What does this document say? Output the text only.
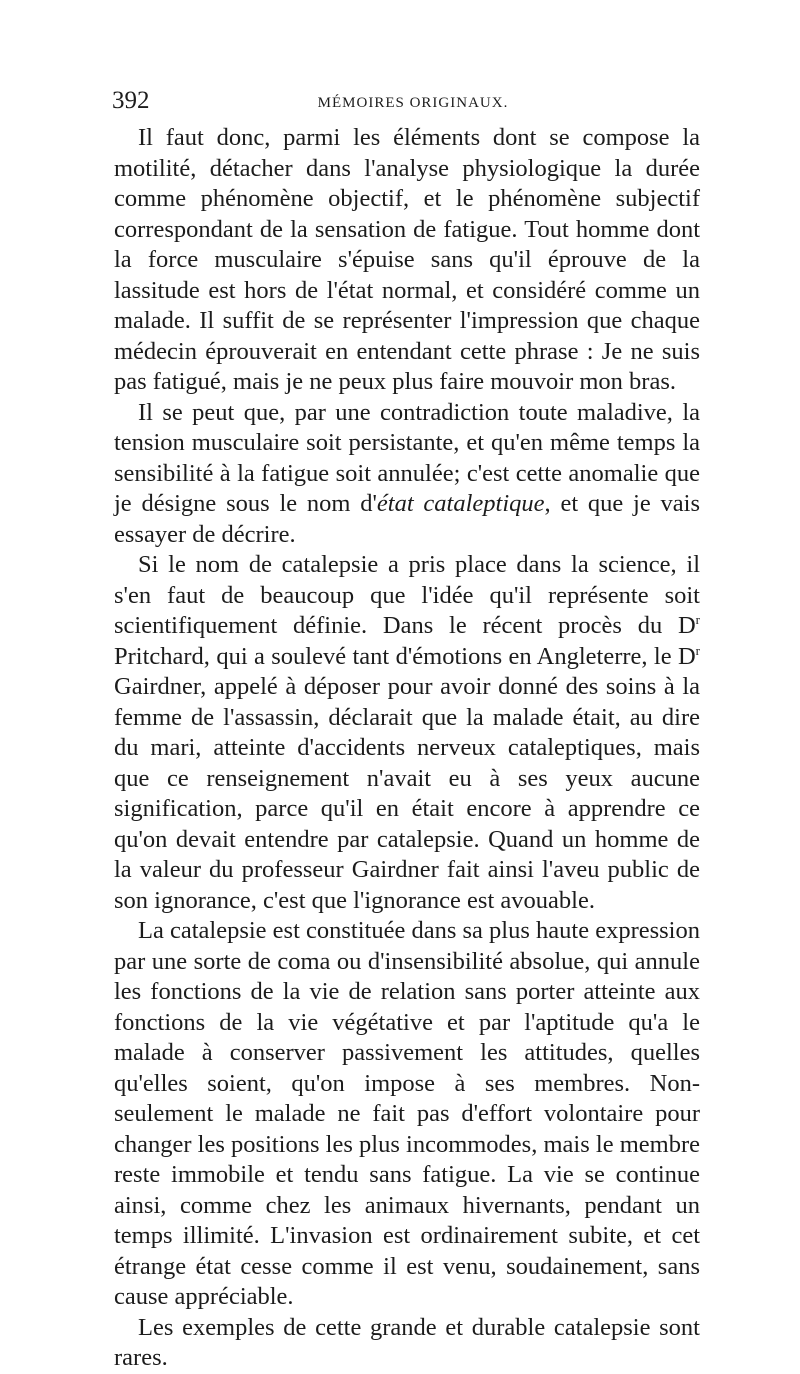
392	MÉMOIRES ORIGINAUX.

Il faut donc, parmi les éléments dont se compose la motilité, détacher dans l'analyse physiologique la durée comme phénomène objectif, et le phénomène subjectif correspondant de la sensation de fatigue. Tout homme dont la force musculaire s'épuise sans qu'il éprouve de la lassitude est hors de l'état normal, et considéré comme un malade. Il suffit de se représenter l'impression que chaque médecin éprouverait en entendant cette phrase : Je ne suis pas fatigué, mais je ne peux plus faire mouvoir mon bras.

Il se peut que, par une contradiction toute maladive, la tension musculaire soit persistante, et qu'en même temps la sensibilité à la fatigue soit annulée; c'est cette anomalie que je désigne sous le nom d'état cataleptique, et que je vais essayer de décrire.

Si le nom de catalepsie a pris place dans la science, il s'en faut de beaucoup que l'idée qu'il représente soit scientifiquement définie. Dans le récent procès du $D^r$ Pritchard, qui a soulevé tant d'émotions en Angleterre, le $D^r$ Gairdner, appelé à déposer pour avoir donné des soins à la femme de l'assassin, déclarait que la malade était, au dire du mari, atteinte d'accidents nerveux cataleptiques, mais que ce renseignement n'avait eu à ses yeux aucune signification, parce qu'il en était encore à apprendre ce qu'on devait entendre par catalepsie. Quand un homme de la valeur du professeur Gairdner fait ainsi l'aveu public de son ignorance, c'est que l'ignorance est avouable.

La catalepsie est constituée dans sa plus haute expression par une sorte de coma ou d'insensibilité absolue, qui annule les fonctions de la vie de relation sans porter atteinte aux fonctions de la vie végétative et par l'aptitude qu'a le malade à conserver passivement les attitudes, quelles qu'elles soient, qu'on impose à ses membres. Non-seulement le malade ne fait pas d'effort volontaire pour changer les positions les plus incommodes, mais le membre reste immobile et tendu sans fatigue. La vie se continue ainsi, comme chez les animaux hivernants, pendant un temps illimité. L'invasion est ordinairement subite, et cet étrange état cesse comme il est venu, soudainement, sans cause appréciable.

Les exemples de cette grande et durable catalepsie sont rares.
